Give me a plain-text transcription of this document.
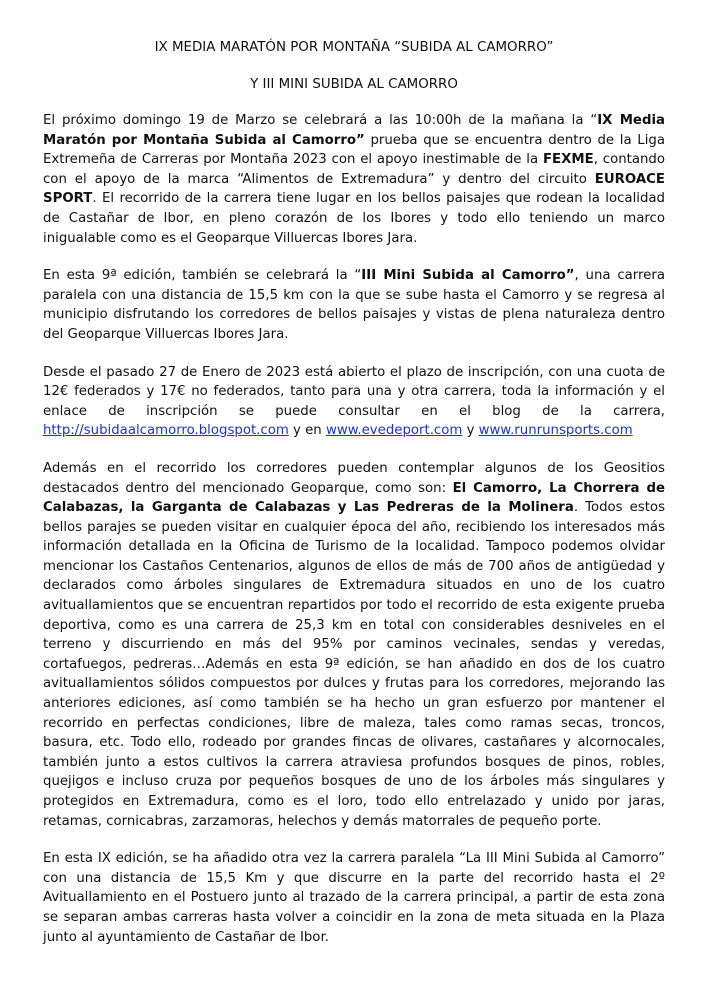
IX MEDIA MARATÓN POR MONTAÑA “SUBIDA AL CAMORRO”
Y III MINI SUBIDA AL CAMORRO

El próximo domingo 19 de Marzo se celebrará a las 10:00h de la mañana la “IX Media Maratón por Montaña Subida al Camorro” prueba que se encuentra dentro de la Liga Extremeña de Carreras por Montaña 2023 con el apoyo inestimable de la FEXME, contando con el apoyo de la marca “Alimentos de Extremadura” y dentro del circuito EUROACE SPORT. El recorrido de la carrera tiene lugar en los bellos paisajes que rodean la localidad de Castañar de Ibor, en pleno corazón de los Ibores y todo ello teniendo un marco inigualable como es el Geoparque Villuercas Ibores Jara.

En esta 9ª edición, también se celebrará la “III Mini Subida al Camorro”, una carrera paralela con una distancia de 15,5 km con la que se sube hasta el Camorro y se regresa al municipio disfrutando los corredores de bellos paisajes y vistas de plena naturaleza dentro del Geoparque Villuercas Ibores Jara.

Desde el pasado 27 de Enero de 2023 está abierto el plazo de inscripción, con una cuota de 12€ federados y 17€ no federados, tanto para una y otra carrera, toda la información y el enlace de inscripción se puede consultar en el blog de la carrera, http://subidaalcamorro.blogspot.com y en www.evedeport.com y www.runrunsports.com

Además en el recorrido los corredores pueden contemplar algunos de los Geositios destacados dentro del mencionado Geoparque, como son: El Camorro, La Chorrera de Calabazas, la Garganta de Calabazas y Las Pedreras de la Molinera. Todos estos bellos parajes se pueden visitar en cualquier época del año, recibiendo los interesados más información detallada en la Oficina de Turismo de la localidad. Tampoco podemos olvidar mencionar los Castaños Centenarios, algunos de ellos de más de 700 años de antigüedad y declarados como árboles singulares de Extremadura situados en uno de los cuatro avituallamientos que se encuentran repartidos por todo el recorrido de esta exigente prueba deportiva, como es una carrera de 25,3 km en total con considerables desniveles en el terreno y discurriendo en más del 95% por caminos vecinales, sendas y veredas, cortafuegos, pedreras…Además en esta 9ª edición, se han añadido en dos de los cuatro avituallamientos sólidos compuestos por dulces y frutas para los corredores, mejorando las anteriores ediciones, así como también se ha hecho un gran esfuerzo por mantener el recorrido en perfectas condiciones, libre de maleza, tales como ramas secas, troncos, basura, etc. Todo ello, rodeado por grandes fincas de olivares, castañares y alcornocales, también junto a estos cultivos la carrera atraviesa profundos bosques de pinos, robles, quejigos e incluso cruza por pequeños bosques de uno de los árboles más singulares y protegidos en Extremadura, como es el loro, todo ello entrelazado y unido por jaras, retamas, cornicabras, zarzamoras, helechos y demás matorrales de pequeño porte.

En esta IX edición, se ha añadido otra vez la carrera paralela “La III Mini Subida al Camorro” con una distancia de 15,5 Km y que discurre en la parte del recorrido hasta el 2º Avituallamiento en el Postuero junto al trazado de la carrera principal, a partir de esta zona se separan ambas carreras hasta volver a coincidir en la zona de meta situada en la Plaza junto al ayuntamiento de Castañar de Ibor.
